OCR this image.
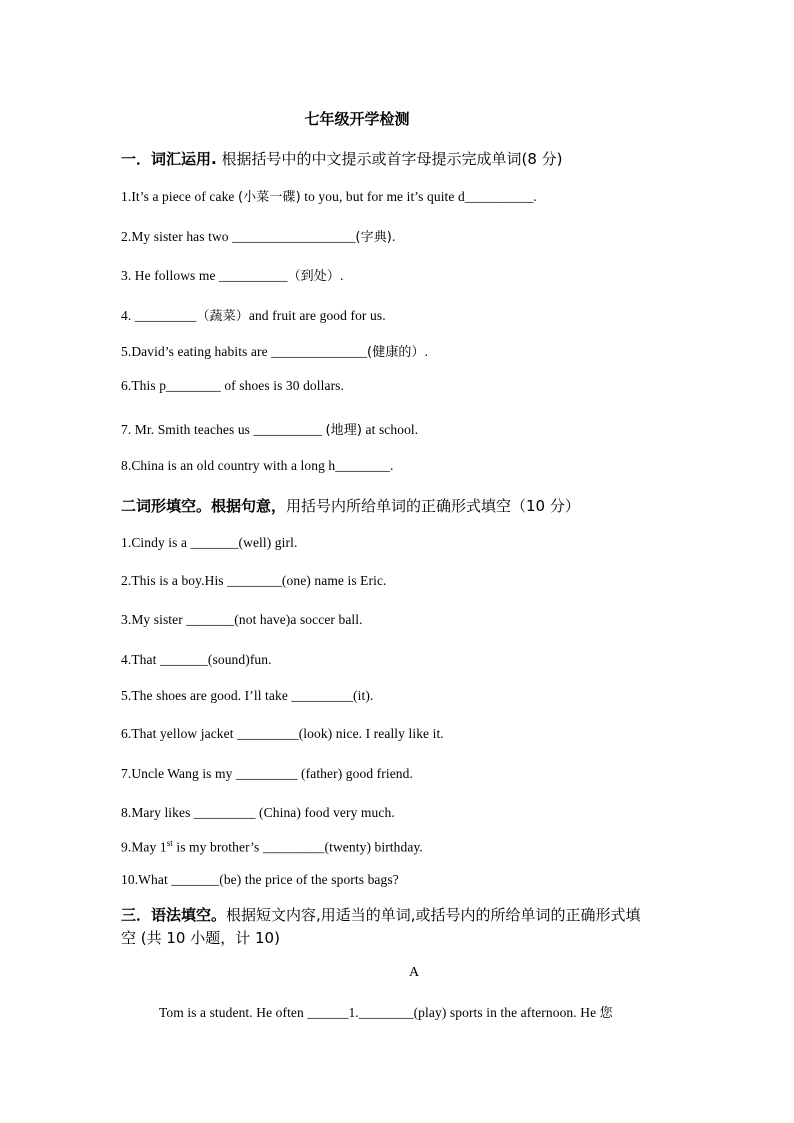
七年级开学检测
一．词汇运用. 根据括号中的中文提示或首字母提示完成单词(8 分)
1.It’s a piece of cake (小菜一碟) to you, but for me it’s quite d__________.
2.My sister has two __________________(字典).
3. He follows me __________（到处）.
4. _________（蔬菜）and fruit are good for us.
5.David’s eating habits are ______________(健康的）.
6.This p________ of shoes is 30 dollars.
7. Mr. Smith teaches us __________ (地理) at school.
8.China is an old country with a long h________.
二词形填空。根据句意，用括号内所给单词的正确形式填空（10 分）
1.Cindy is a _______(well) girl.
2.This is a boy.His ________(one) name is Eric.
3.My sister _______(not have)a soccer ball.
4.That _______(sound)fun.
5.The shoes are good. I’ll take _________(it).
6.That yellow jacket _________(look) nice. I really like it.
7.Uncle Wang is my _________ (father) good friend.
8.Mary likes _________ (China) food very much.
9.May 1st is my brother’s _________(twenty) birthday.
10.What _______(be) the price of the sports bags?
三．语法填空。根据短文内容,用适当的单词,或括号内的所给单词的正确形式填
空 (共 10 小题，计 10)
A
Tom is a student. He often ______1.________(play) sports in the afternoon. He 您
